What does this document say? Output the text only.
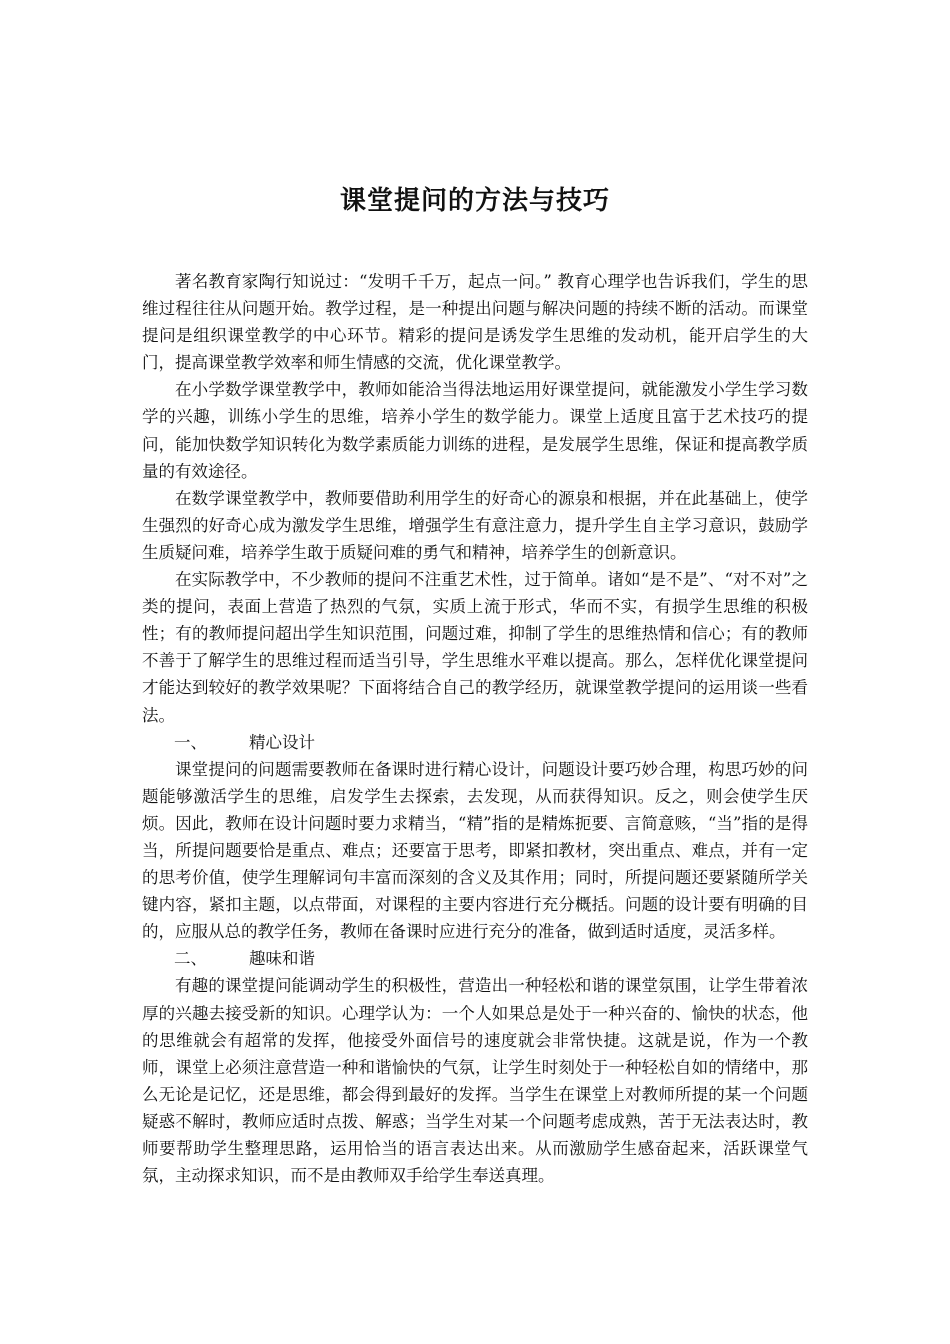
课堂提问的方法与技巧

著名教育家陶行知说过：“发明千千万，起点一问。” 教育心理学也告诉我们，学生的思维过程往往从问题开始。教学过程，是一种提出问题与解决问题的持续不断的活动。而课堂提问是组织课堂教学的中心环节。精彩的提问是诱发学生思维的发动机，能开启学生的大门，提高课堂教学效率和师生情感的交流，优化课堂教学。

在小学数学课堂教学中，教师如能洽当得法地运用好课堂提问，就能激发小学生学习数学的兴趣，训练小学生的思维，培养小学生的数学能力。课堂上适度且富于艺术技巧的提问，能加快数学知识转化为数学素质能力训练的进程，是发展学生思维，保证和提高教学质量的有效途径。

在数学课堂教学中，教师要借助利用学生的好奇心的源泉和根据，并在此基础上，使学生强烈的好奇心成为激发学生思维，增强学生有意注意力，提升学生自主学习意识，鼓励学生质疑问难，培养学生敢于质疑问难的勇气和精神，培养学生的创新意识。

在实际教学中，不少教师的提问不注重艺术性，过于简单。诸如“是不是”、“对不对”之类的提问，表面上营造了热烈的气氛，实质上流于形式，华而不实，有损学生思维的积极性；有的教师提问超出学生知识范围，问题过难，抑制了学生的思维热情和信心；有的教师不善于了解学生的思维过程而适当引导，学生思维水平难以提高。那么，怎样优化课堂提问才能达到较好的教学效果呢？下面将结合自己的教学经历，就课堂教学提问的运用谈一些看法。

一、	精心设计

课堂提问的问题需要教师在备课时进行精心设计，问题设计要巧妙合理，构思巧妙的问题能够激活学生的思维，启发学生去探索，去发现，从而获得知识。反之，则会使学生厌烦。因此，教师在设计问题时要力求精当，“精”指的是精炼扼要、言简意赅，“当”指的是得当，所提问题要恰是重点、难点；还要富于思考，即紧扣教材，突出重点、难点，并有一定的思考价值，使学生理解词句丰富而深刻的含义及其作用；同时，所提问题还要紧随所学关键内容，紧扣主题，以点带面，对课程的主要内容进行充分概括。问题的设计要有明确的目的，应服从总的教学任务，教师在备课时应进行充分的准备，做到适时适度，灵活多样。

二、	趣味和谐

有趣的课堂提问能调动学生的积极性，营造出一种轻松和谐的课堂氛围，让学生带着浓厚的兴趣去接受新的知识。心理学认为：一个人如果总是处于一种兴奋的、愉快的状态，他的思维就会有超常的发挥，他接受外面信号的速度就会非常快捷。这就是说，作为一个教师，课堂上必须注意营造一种和谐愉快的气氛，让学生时刻处于一种轻松自如的情绪中，那么无论是记忆，还是思维，都会得到最好的发挥。当学生在课堂上对教师所提的某一个问题疑惑不解时，教师应适时点拨、解惑；当学生对某一个问题考虑成熟，苦于无法表达时，教师要帮助学生整理思路，运用恰当的语言表达出来。从而激励学生感奋起来，活跃课堂气氛，主动探求知识，而不是由教师双手给学生奉送真理。
